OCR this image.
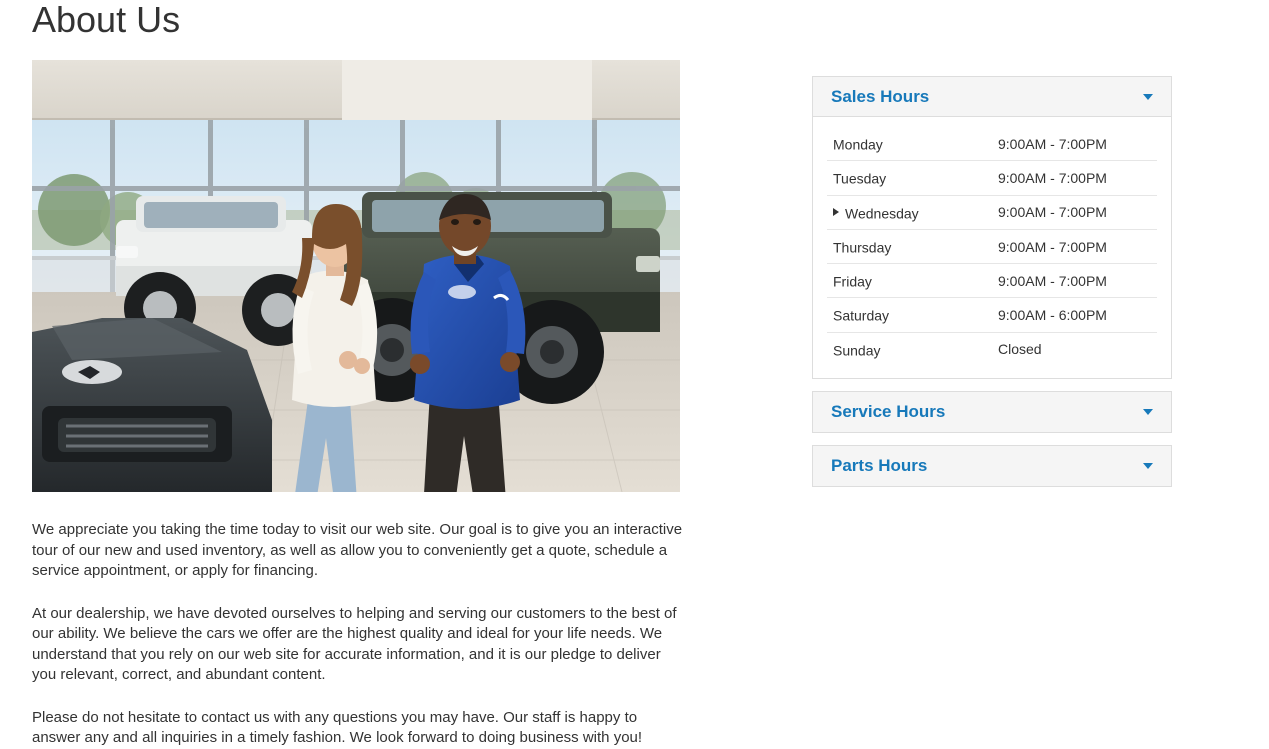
About Us

We appreciate you taking the time today to visit our web site. Our goal is to give you an interactive tour of our new and used inventory, as well as allow you to conveniently get a quote, schedule a service appointment, or apply for financing.

At our dealership, we have devoted ourselves to helping and serving our customers to the best of our ability. We believe the cars we offer are the highest quality and ideal for your life needs. We understand that you rely on our web site for accurate information, and it is our pledge to deliver you relevant, correct, and abundant content.

Please do not hesitate to contact us with any questions you may have. Our staff is happy to answer any and all inquiries in a timely fashion. We look forward to doing business with you!

Sales Hours
Monday	9:00AM - 7:00PM
Tuesday	9:00AM - 7:00PM
Wednesday	9:00AM - 7:00PM
Thursday	9:00AM - 7:00PM
Friday	9:00AM - 7:00PM
Saturday	9:00AM - 6:00PM
Sunday	Closed
Service Hours
Parts Hours
